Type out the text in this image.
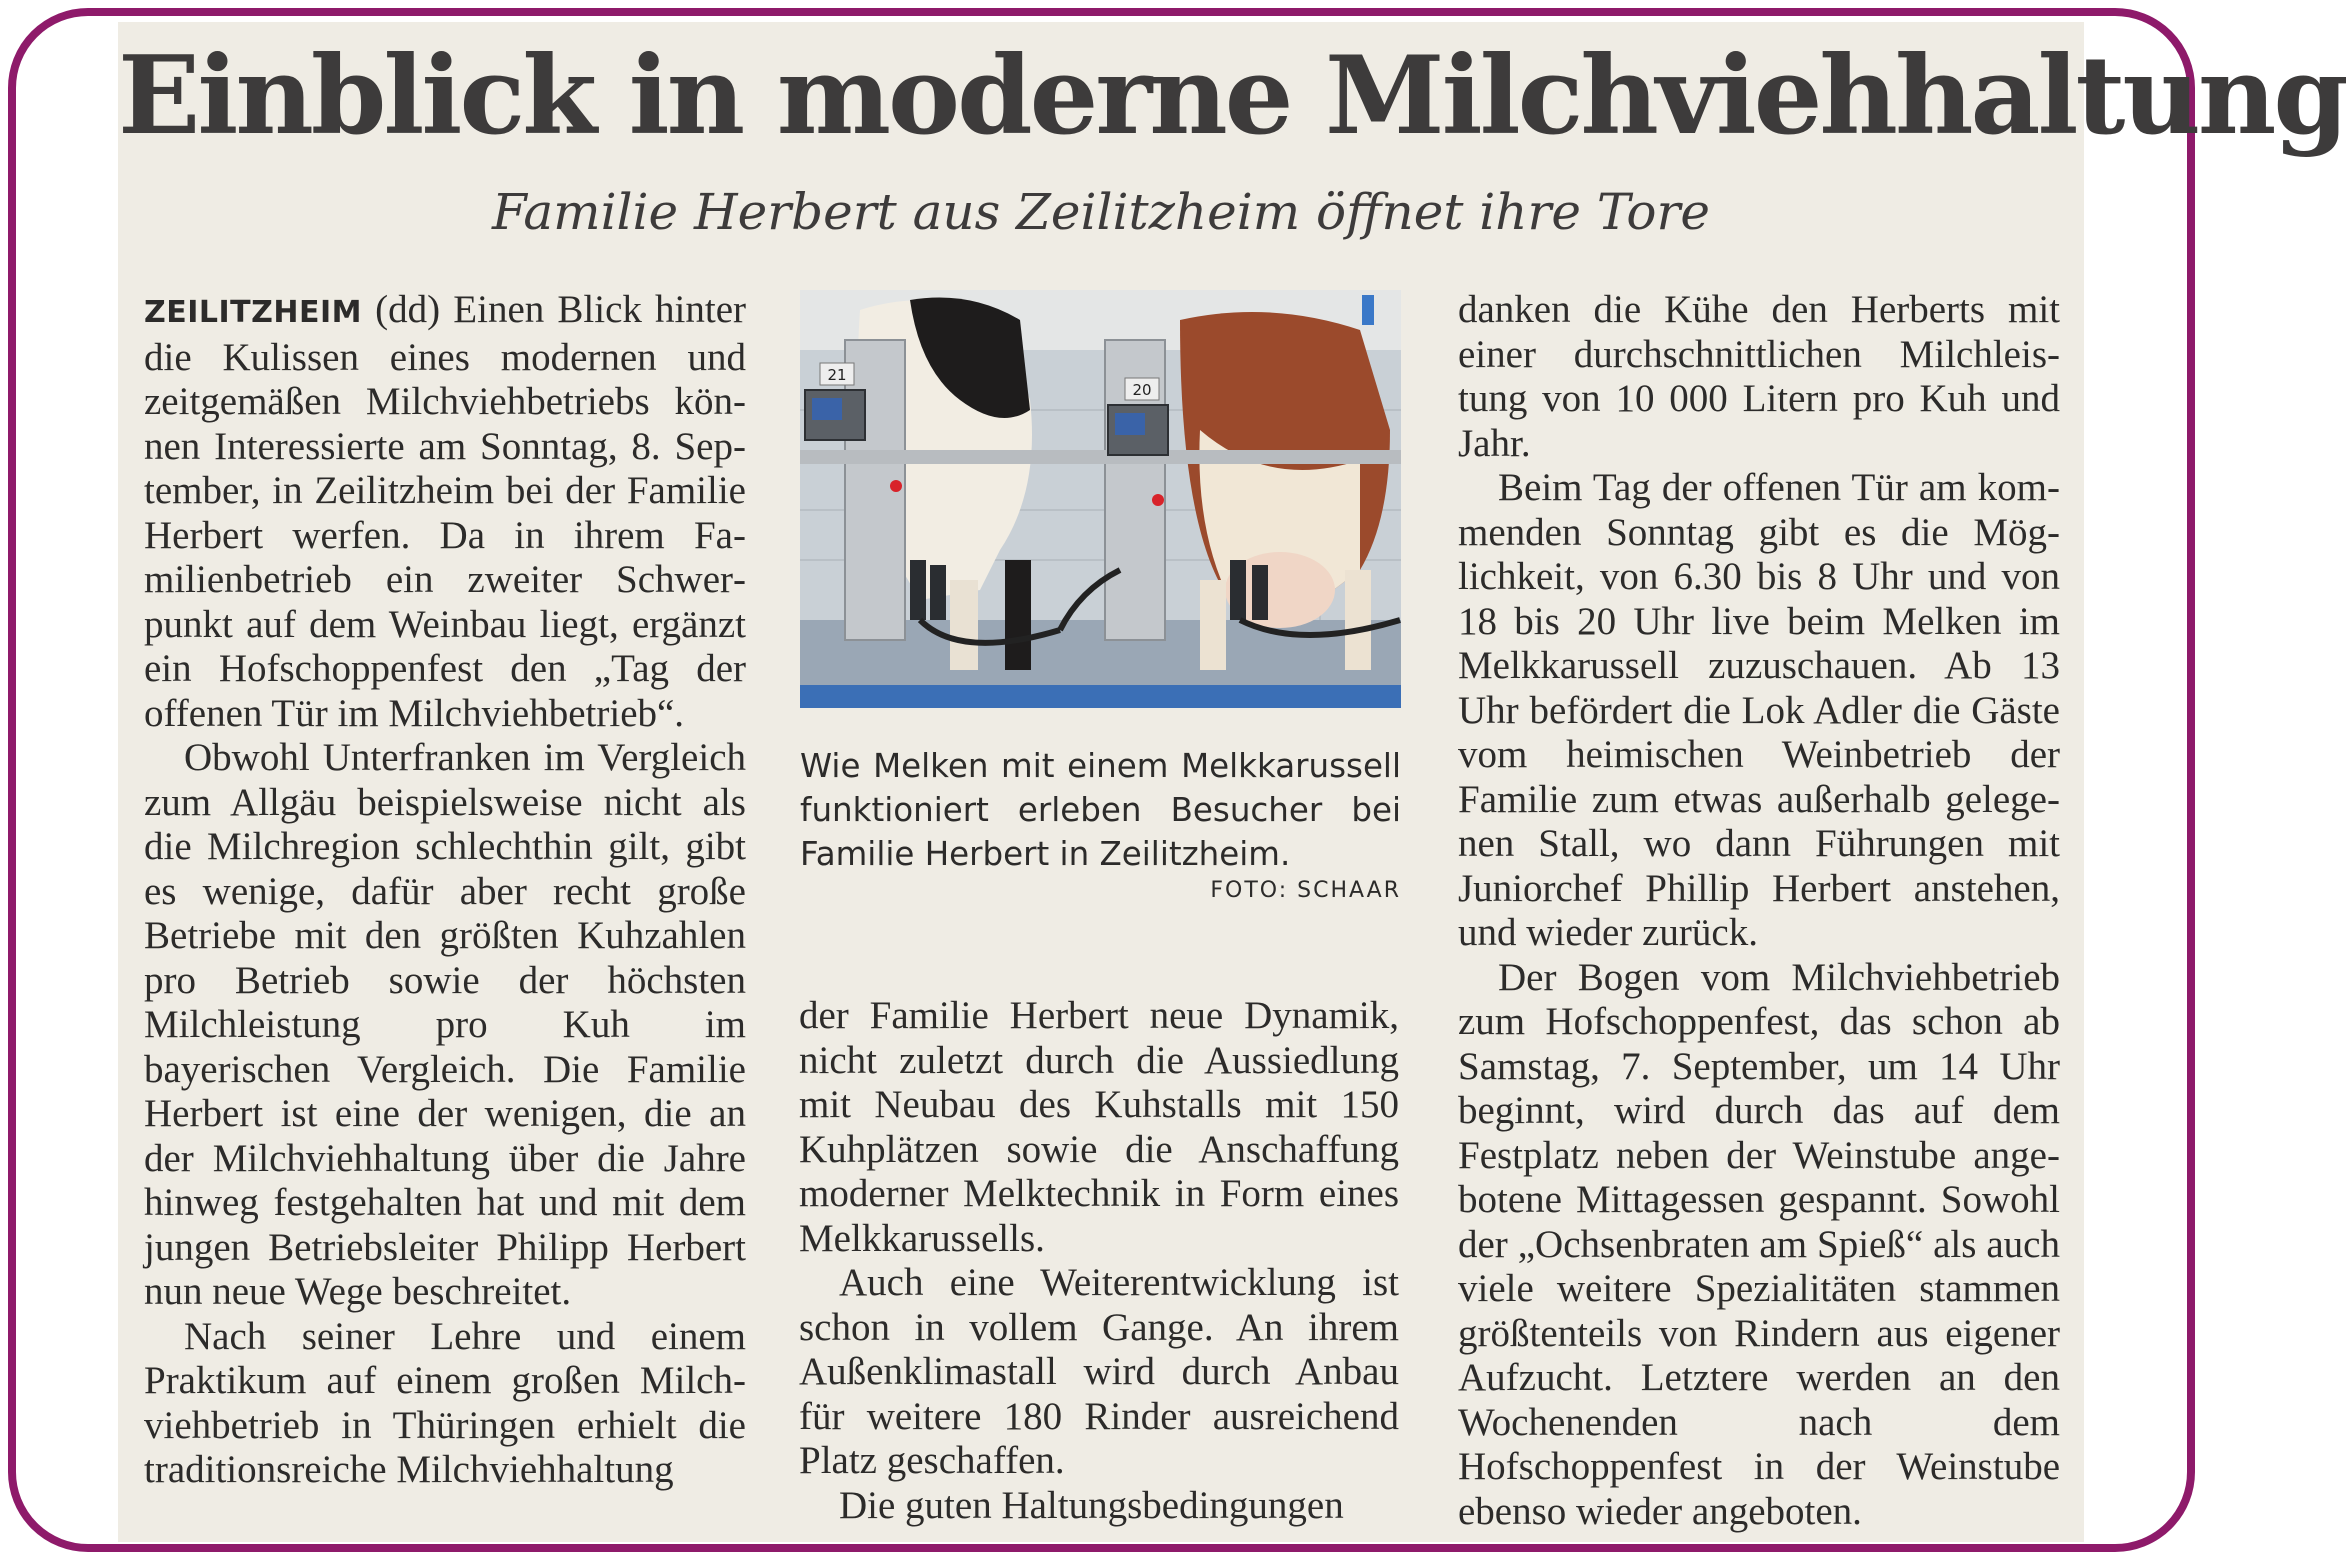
Einblick in moderne Milchviehhaltung
Familie Herbert aus Zeilitzheim öffnet ihre Tore

ZEILITZHEIM (dd) Einen Blick hinter die Kulissen eines modernen und zeitgemäßen Milchviehbetriebs können Interessierte am Sonntag, 8. September, in Zeilitzheim bei der Familie Herbert werfen. Da in ihrem Familienbetrieb ein zweiter Schwerpunkt auf dem Weinbau liegt, ergänzt ein Hofschoppenfest den „Tag der offenen Tür im Milchviehbetrieb“.

Obwohl Unterfranken im Vergleich zum Allgäu beispielsweise nicht als die Milchregion schlechthin gilt, gibt es wenige, dafür aber recht große Betriebe mit den größten Kuhzahlen pro Betrieb sowie der höchsten Milchleistung pro Kuh im bayerischen Vergleich. Die Familie Herbert ist eine der wenigen, die an der Milchviehhaltung über die Jahre hinweg festgehalten hat und mit dem jungen Betriebsleiter Philipp Herbert nun neue Wege beschreitet.

Nach seiner Lehre und einem Praktikum auf einem großen Milchviehbetrieb in Thüringen erhielt die traditionsreiche Milchviehhaltung

21
20
Wie Melken mit einem Melkkarussell funktioniert erleben Besucher bei Familie Herbert in Zeilitzheim.
FOTO: SCHAAR

der Familie Herbert neue Dynamik, nicht zuletzt durch die Aussiedlung mit Neubau des Kuhstalls mit 150 Kuhplätzen sowie die Anschaffung moderner Melktechnik in Form eines Melkkarussells.

Auch eine Weiterentwicklung ist schon in vollem Gange. An ihrem Außenklimastall wird durch Anbau für weitere 180 Rinder ausreichend Platz geschaffen.

Die guten Haltungsbedingungen

danken die Kühe den Herberts mit einer durchschnittlichen Milchleistung von 10 000 Litern pro Kuh und Jahr.

Beim Tag der offenen Tür am kommenden Sonntag gibt es die Möglichkeit, von 6.30 bis 8 Uhr und von 18 bis 20 Uhr live beim Melken im Melkkarussell zuzuschauen. Ab 13 Uhr befördert die Lok Adler die Gäste vom heimischen Weinbetrieb der Familie zum etwas außerhalb gelegenen Stall, wo dann Führungen mit Juniorchef Phillip Herbert anstehen, und wieder zurück.

Der Bogen vom Milchviehbetrieb zum Hofschoppenfest, das schon ab Samstag, 7. September, um 14 Uhr beginnt, wird durch das auf dem Festplatz neben der Weinstube angebotene Mittagessen gespannt. Sowohl der „Ochsenbraten am Spieß“ als auch viele weitere Spezialitäten stammen größtenteils von Rindern aus eigener Aufzucht. Letztere werden an den Wochenenden nach dem Hofschoppenfest in der Weinstube ebenso wieder angeboten.
